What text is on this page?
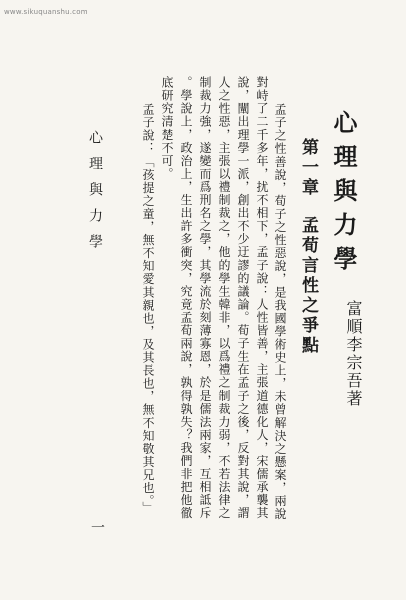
www.sikuquanshu.com
心理與力學
富順李宗吾著
第一章孟荀言性之爭點
孟子之性善說，荀子之性惡說，是我國學術史上，未曾解決之懸案，兩說
對峙了二千多年，扰不相下，孟子說：人性皆善，主張道德化人，宋儒承襲其
說，闡出理學一派，創出不少迂謬的議論。荀子生在孟子之後，反對其說，謂
人之性惡，主張以禮制裁之，他的學生韓非，以爲禮之制裁力弱，不若法律之
制裁力強，遂變而爲刑名之學，其學流於刻薄寡恩，於是儒法兩家，互相詆斥
。學說上，政治上，生出許多衝突，究竟孟荀兩說，孰得孰失？我們非把他徹
底研究清楚不可。
孟子說：「孩提之童，無不知愛其親也，及其長也，無不知敬其兄也。」
心理與力學
一
